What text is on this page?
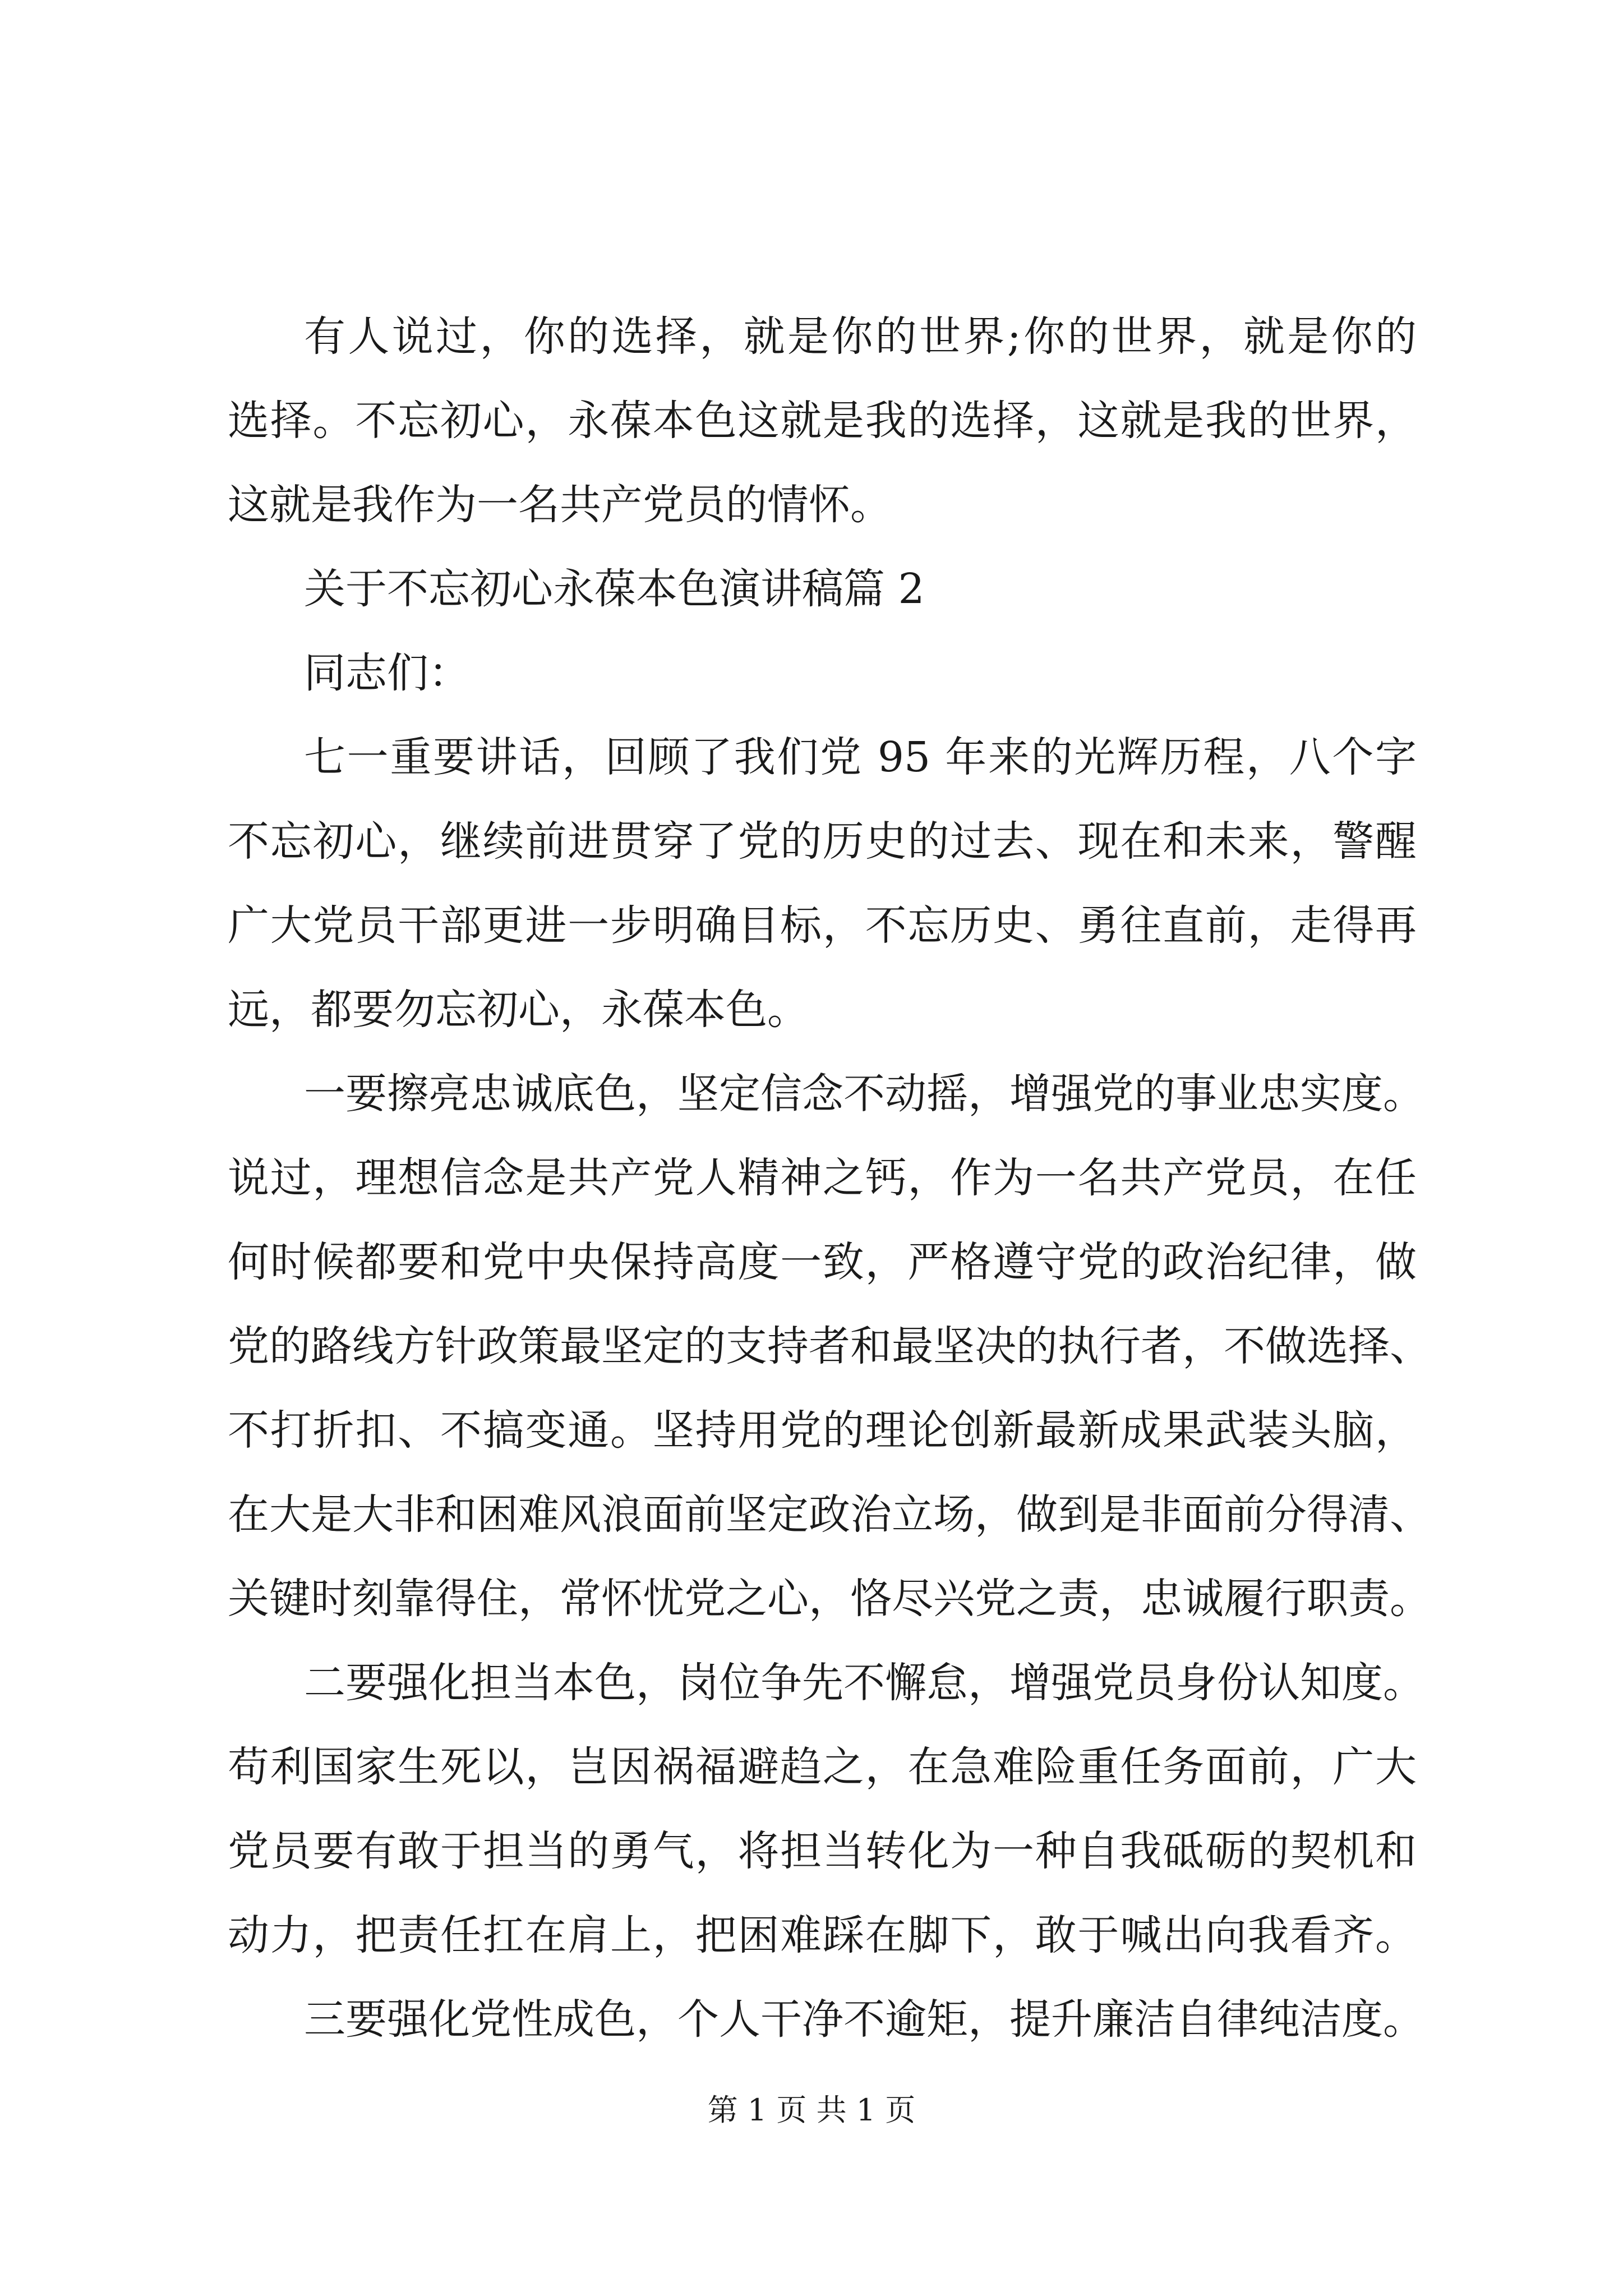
有人说过，你的选择，就是你的世界;你的世界，就是你的
选择。不忘初心，永葆本色这就是我的选择，这就是我的世界，
这就是我作为一名共产党员的情怀。
关于不忘初心永葆本色演讲稿篇 2
同志们：
七一重要讲话，回顾了我们党 95 年来的光辉历程，八个字
不忘初心，继续前进贯穿了党的历史的过去、现在和未来，警醒
广大党员干部更进一步明确目标，不忘历史、勇往直前，走得再
远，都要勿忘初心，永葆本色。
一要擦亮忠诚底色，坚定信念不动摇，增强党的事业忠实度。
说过，理想信念是共产党人精神之钙，作为一名共产党员，在任
何时候都要和党中央保持高度一致，严格遵守党的政治纪律，做
党的路线方针政策最坚定的支持者和最坚决的执行者，不做选择、
不打折扣、不搞变通。坚持用党的理论创新最新成果武装头脑，
在大是大非和困难风浪面前坚定政治立场，做到是非面前分得清、
关键时刻靠得住，常怀忧党之心，恪尽兴党之责，忠诚履行职责。
二要强化担当本色，岗位争先不懈怠，增强党员身份认知度。
苟利国家生死以，岂因祸福避趋之，在急难险重任务面前，广大
党员要有敢于担当的勇气，将担当转化为一种自我砥砺的契机和
动力，把责任扛在肩上，把困难踩在脚下，敢于喊出向我看齐。
三要强化党性成色，个人干净不逾矩，提升廉洁自律纯洁度。
第 1 页 共 1 页
